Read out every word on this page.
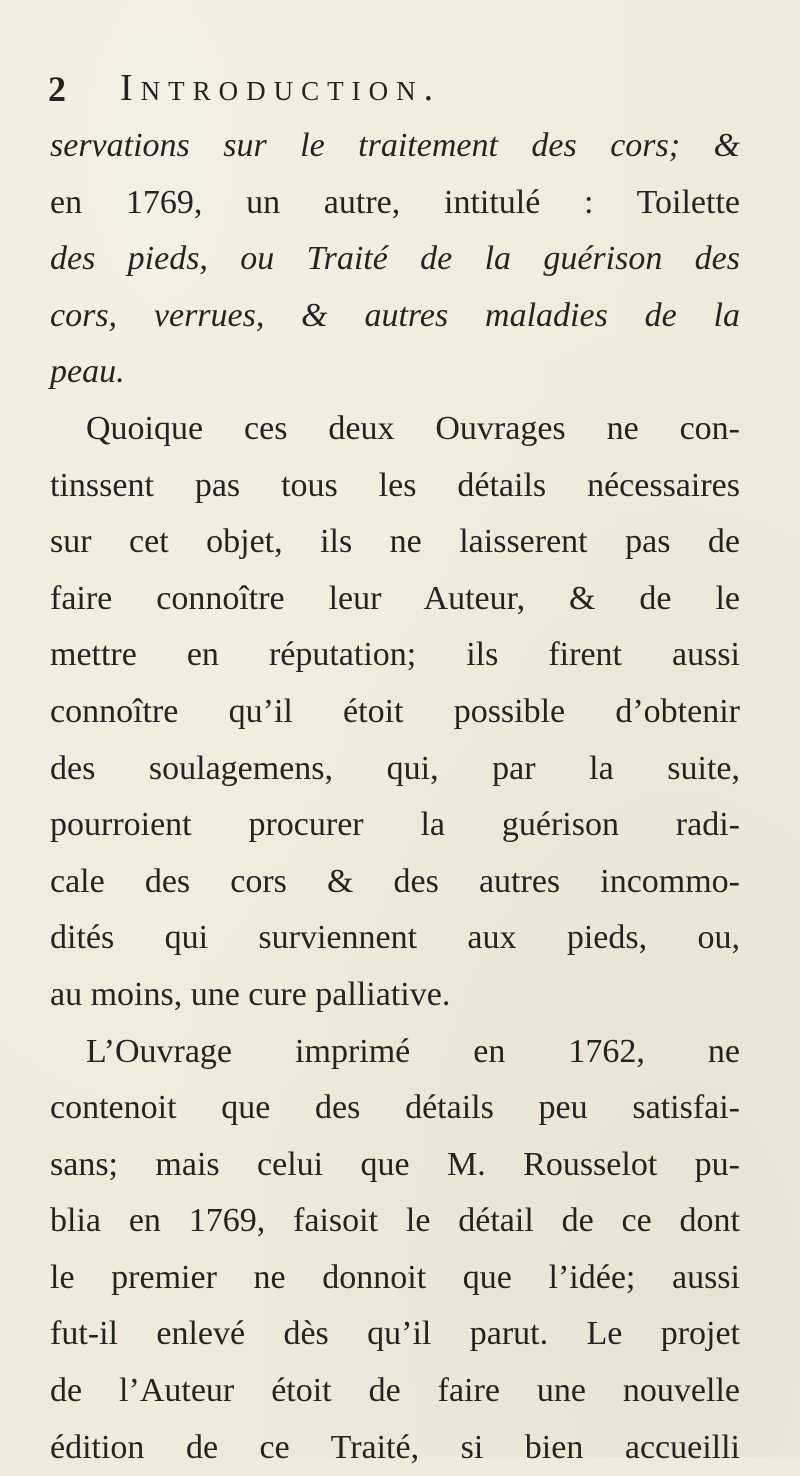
2 Introduction.
servations sur le traitement des cors; &
en 1769, un autre, intitulé : Toilette
des pieds, ou Traité de la guérison des
cors, verrues, & autres maladies de la
peau.
Quoique ces deux Ouvrages ne con-
tinssent pas tous les détails nécessaires
sur cet objet, ils ne laisserent pas de
faire connoître leur Auteur, & de le
mettre en réputation; ils firent aussi
connoître qu’il étoit possible d’obtenir
des soulagemens, qui, par la suite,
pourroient procurer la guérison radi-
cale des cors & des autres incommo-
dités qui surviennent aux pieds, ou,
au moins, une cure palliative.
L’Ouvrage imprimé en 1762, ne
contenoit que des détails peu satisfai-
sans; mais celui que M. Rousselot pu-
blia en 1769, faisoit le détail de ce dont
le premier ne donnoit que l’idée; aussi
fut-il enlevé dès qu’il parut. Le projet
de l’Auteur étoit de faire une nouvelle
édition de ce Traité, si bien accueilli
